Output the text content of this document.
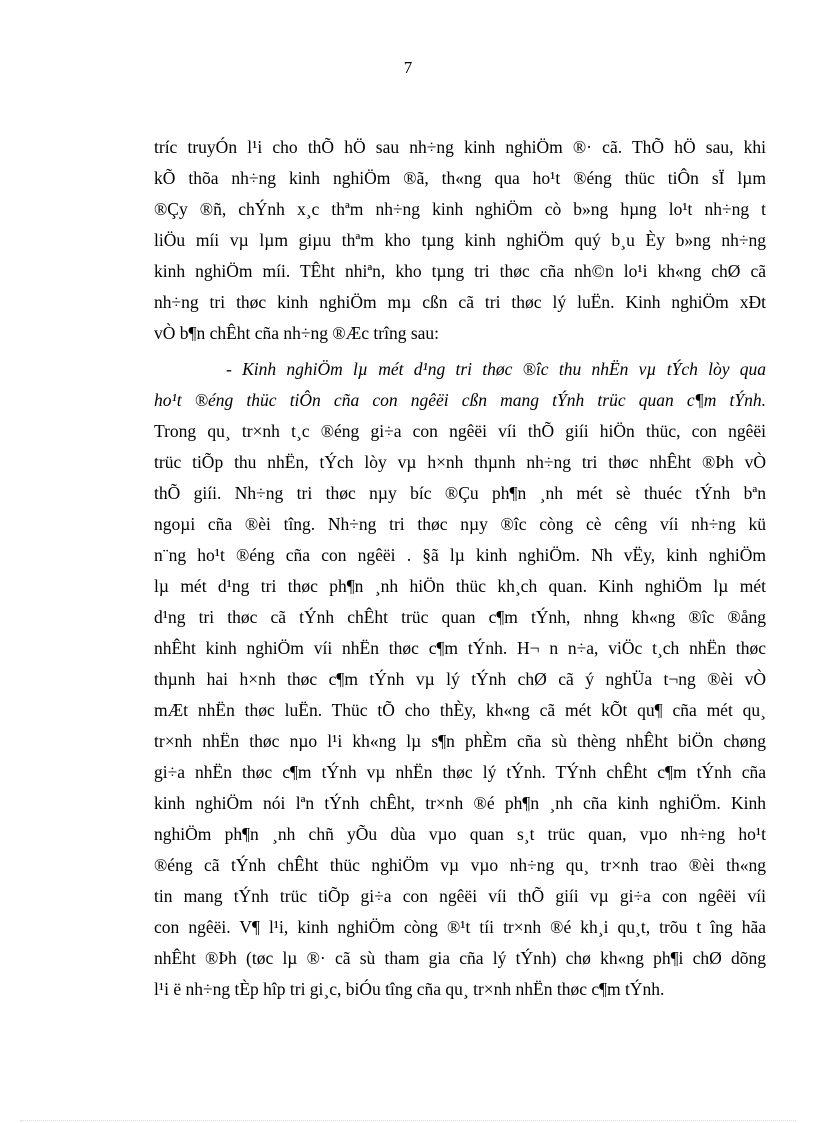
7
tríc truyÓn l¹i cho thÕ hÖ sau nh÷ng kinh nghiÖm ®· cã. ThÕ hÖ sau, khi
kÕ thõa nh÷ng kinh nghiÖm ®ã, th«ng qua ho¹t ®éng thüc tiÔn sÏ lµm
®Çy ®ñ, chÝnh x¸c thªm nh÷ng kinh nghiÖm cò b»ng hµng lo¹t nh÷ng t
liÖu míi vµ lµm giµu thªm kho tµng kinh nghiÖm quý b¸u Èy b»ng nh÷ng
kinh nghiÖm míi. TÊht nhiªn, kho tµng tri thøc cña nh©n lo¹i kh«ng chØ cã
nh÷ng tri thøc kinh nghiÖm mµ cßn cã tri thøc lý luËn. Kinh nghiÖm xÐt
vÒ b¶n chÊht cña nh÷ng ®Æc trîng sau:
- Kinh nghiÖm lµ mét d¹ng tri thøc ®îc thu nhËn vµ tÝch lòy qua
ho¹t ®éng thüc tiÔn cña con ngêëi cßn mang tÝnh trüc quan c¶m tÝnh.
Trong qu¸ tr×nh t¸c ®éng gi÷a con ngêëi víi thÕ giíi hiÖn thüc, con ngêëi
trüc tiÕp thu nhËn, tÝch lòy vµ h×nh thµnh nh÷ng tri thøc nhÊht ®Þh vÒ
thÕ giíi. Nh÷ng tri thøc nµy bíc ®Çu ph¶n ¸nh mét sè thuéc tÝnh bªn
ngoµi cña ®èi tîng. Nh÷ng tri thøc nµy ®îc còng cè cêng víi nh÷ng kü
n¨ng ho¹t ®éng cña con ngêëi . §ã lµ kinh nghiÖm. Nh vËy, kinh nghiÖm
lµ mét d¹ng tri thøc ph¶n ¸nh hiÖn thüc kh¸ch quan. Kinh nghiÖm lµ mét
d¹ng tri thøc cã tÝnh chÊht trüc quan c¶m tÝnh, nhng kh«ng ®îc ®ång
nhÊht kinh nghiÖm víi nhËn thøc c¶m tÝnh. H¬ n n÷a, viÖc t¸ch nhËn thøc
thµnh hai h×nh thøc c¶m tÝnh vµ lý tÝnh chØ cã ý nghÜa t¬ng ®èi vÒ
mÆt nhËn thøc luËn. Thüc tÕ cho thÈy, kh«ng cã mét kÕt qu¶ cña mét qu¸
tr×nh nhËn thøc nµo l¹i kh«ng lµ s¶n phÈm cña sù thèng nhÊht biÖn chøng
gi÷a nhËn thøc c¶m tÝnh vµ nhËn thøc lý tÝnh. TÝnh chÊht c¶m tÝnh cña
kinh nghiÖm nói lªn tÝnh chÊht, tr×nh ®é ph¶n ¸nh cña kinh nghiÖm. Kinh
nghiÖm ph¶n ¸nh chñ yÕu dùa vµo quan s¸t trüc quan, vµo nh÷ng ho¹t
®éng cã tÝnh chÊht thüc nghiÖm vµ vµo nh÷ng qu¸ tr×nh trao ®èi th«ng
tin mang tÝnh trüc tiÕp gi÷a con ngêëi víi thÕ giíi vµ gi÷a con ngêëi víi
con ngêëi. V¶ l¹i, kinh nghiÖm còng ®¹t tíi tr×nh ®é kh¸i qu¸t, trõu t îng hãa
nhÊht ®Þh (tøc lµ ®· cã sù tham gia cña lý tÝnh) chø kh«ng ph¶i chØ dõng
l¹i ë nh÷ng tÈp hîp tri gi¸c, biÓu tîng cña qu¸ tr×nh nhËn thøc c¶m tÝnh.
